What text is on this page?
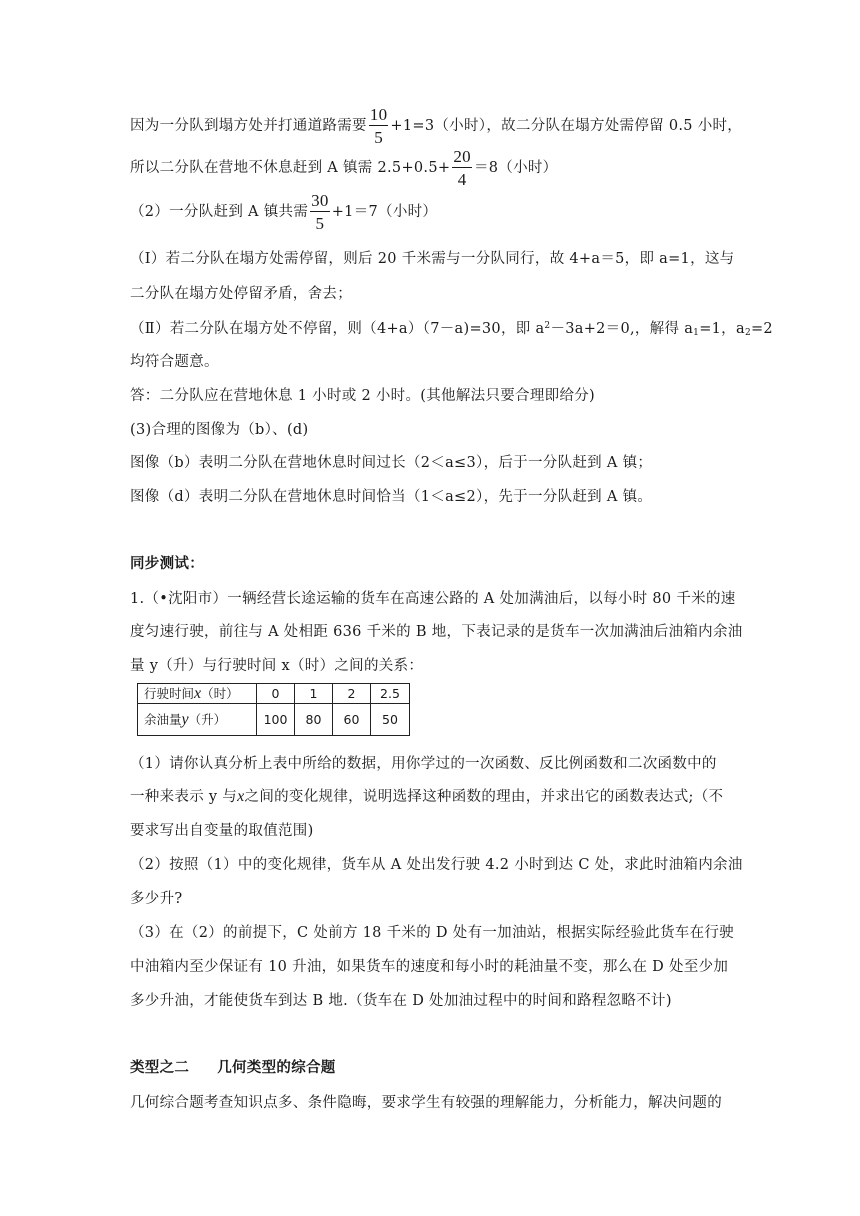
因为一分队到塌方处并打通道路需要 $\frac{10}{5} +1=3$（小时），故二分队在塌方处需停留 0.5 小时，
所以二分队在营地不休息赶到 A 镇需 $2.5+0.5+ \frac{20}{4} =8$（小时）
（2）一分队赶到 A 镇共需 $\frac{30}{5} +1=7$（小时）
（Ⅰ）若二分队在塌方处需停留，则后 20 千米需与一分队同行，故 4+a＝5，即 a=1，这与
二分队在塌方处停留矛盾，舍去；
（Ⅱ）若二分队在塌方处不停留，则（4+a）（7－a)=30，即 $a^2-3a+2=0$,，解得 $a_1=1$，$a_2=2$
均符合题意。
答：二分队应在营地休息 1 小时或 2 小时。(其他解法只要合理即给分)
(3)合理的图像为（b）、(d)
图像（b）表明二分队在营地休息时间过长（2＜a≤3），后于一分队赶到 A 镇；
图像（d）表明二分队在营地休息时间恰当（1＜a≤2），先于一分队赶到 A 镇。
同步测试：
1.（•沈阳市）一辆经营长途运输的货车在高速公路的 A 处加满油后，以每小时 80 千米的速
度匀速行驶，前往与 A 处相距 636 千米的 B 地，下表记录的是货车一次加满油后油箱内余油
量 y（升）与行驶时间 x（时）之间的关系：
行驶时间x（时）	0	1	2	2.5
余油量y（升）	100	80	60	50
（1）请你认真分析上表中所给的数据，用你学过的一次函数、反比例函数和二次函数中的
一种来表示 y 与x之间的变化规律，说明选择这种函数的理由，并求出它的函数表达式;（不
要求写出自变量的取值范围)
（2）按照（1）中的变化规律，货车从 A 处出发行驶 4.2 小时到达 C 处，求此时油箱内余油
多少升?
（3）在（2）的前提下，C 处前方 18 千米的 D 处有一加油站，根据实际经验此货车在行驶
中油箱内至少保证有 10 升油，如果货车的速度和每小时的耗油量不变，那么在 D 处至少加
多少升油，才能使货车到达 B 地.（货车在 D 处加油过程中的时间和路程忽略不计)
类型之二 几何类型的综合题
几何综合题考查知识点多、条件隐晦，要求学生有较强的理解能力，分析能力，解决问题的
